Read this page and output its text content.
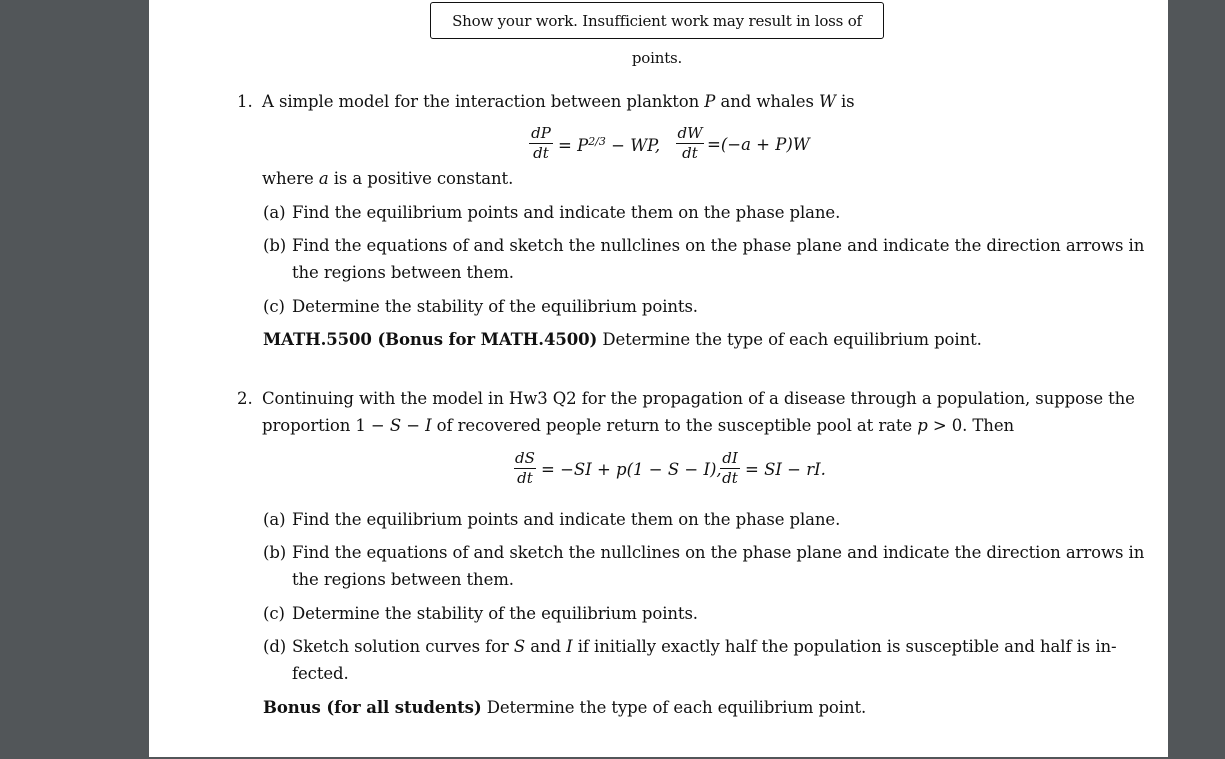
Show your work. Insufficient work may result in loss of points.
1. A simple model for the interaction between plankton P and whales W is
dP
dt = $P^{2/3}$ − WP,
dW
dt =(−a + P)W
where a is a positive constant.
(a) Find the equilibrium points and indicate them on the phase plane.
(b) Find the equations of and sketch the nullclines on the phase plane and indicate the direction arrows in
the regions between them.
(c) Determine the stability of the equilibrium points.
MATH.5500 (Bonus for MATH.4500) Determine the type of each equilibrium point.
2. Continuing with the model in Hw3 Q2 for the propagation of a disease through a population, suppose the
proportion 1 − S − I of recovered people return to the susceptible pool at rate p > 0. Then
dS
dt = −SI + p(1 − S − I),
dI
dt = SI − rI.
(a) Find the equilibrium points and indicate them on the phase plane.
(b) Find the equations of and sketch the nullclines on the phase plane and indicate the direction arrows in
the regions between them.
(c) Determine the stability of the equilibrium points.
(d) Sketch solution curves for S and I if initially exactly half the population is susceptible and half is in-
fected.
Bonus (for all students) Determine the type of each equilibrium point.
